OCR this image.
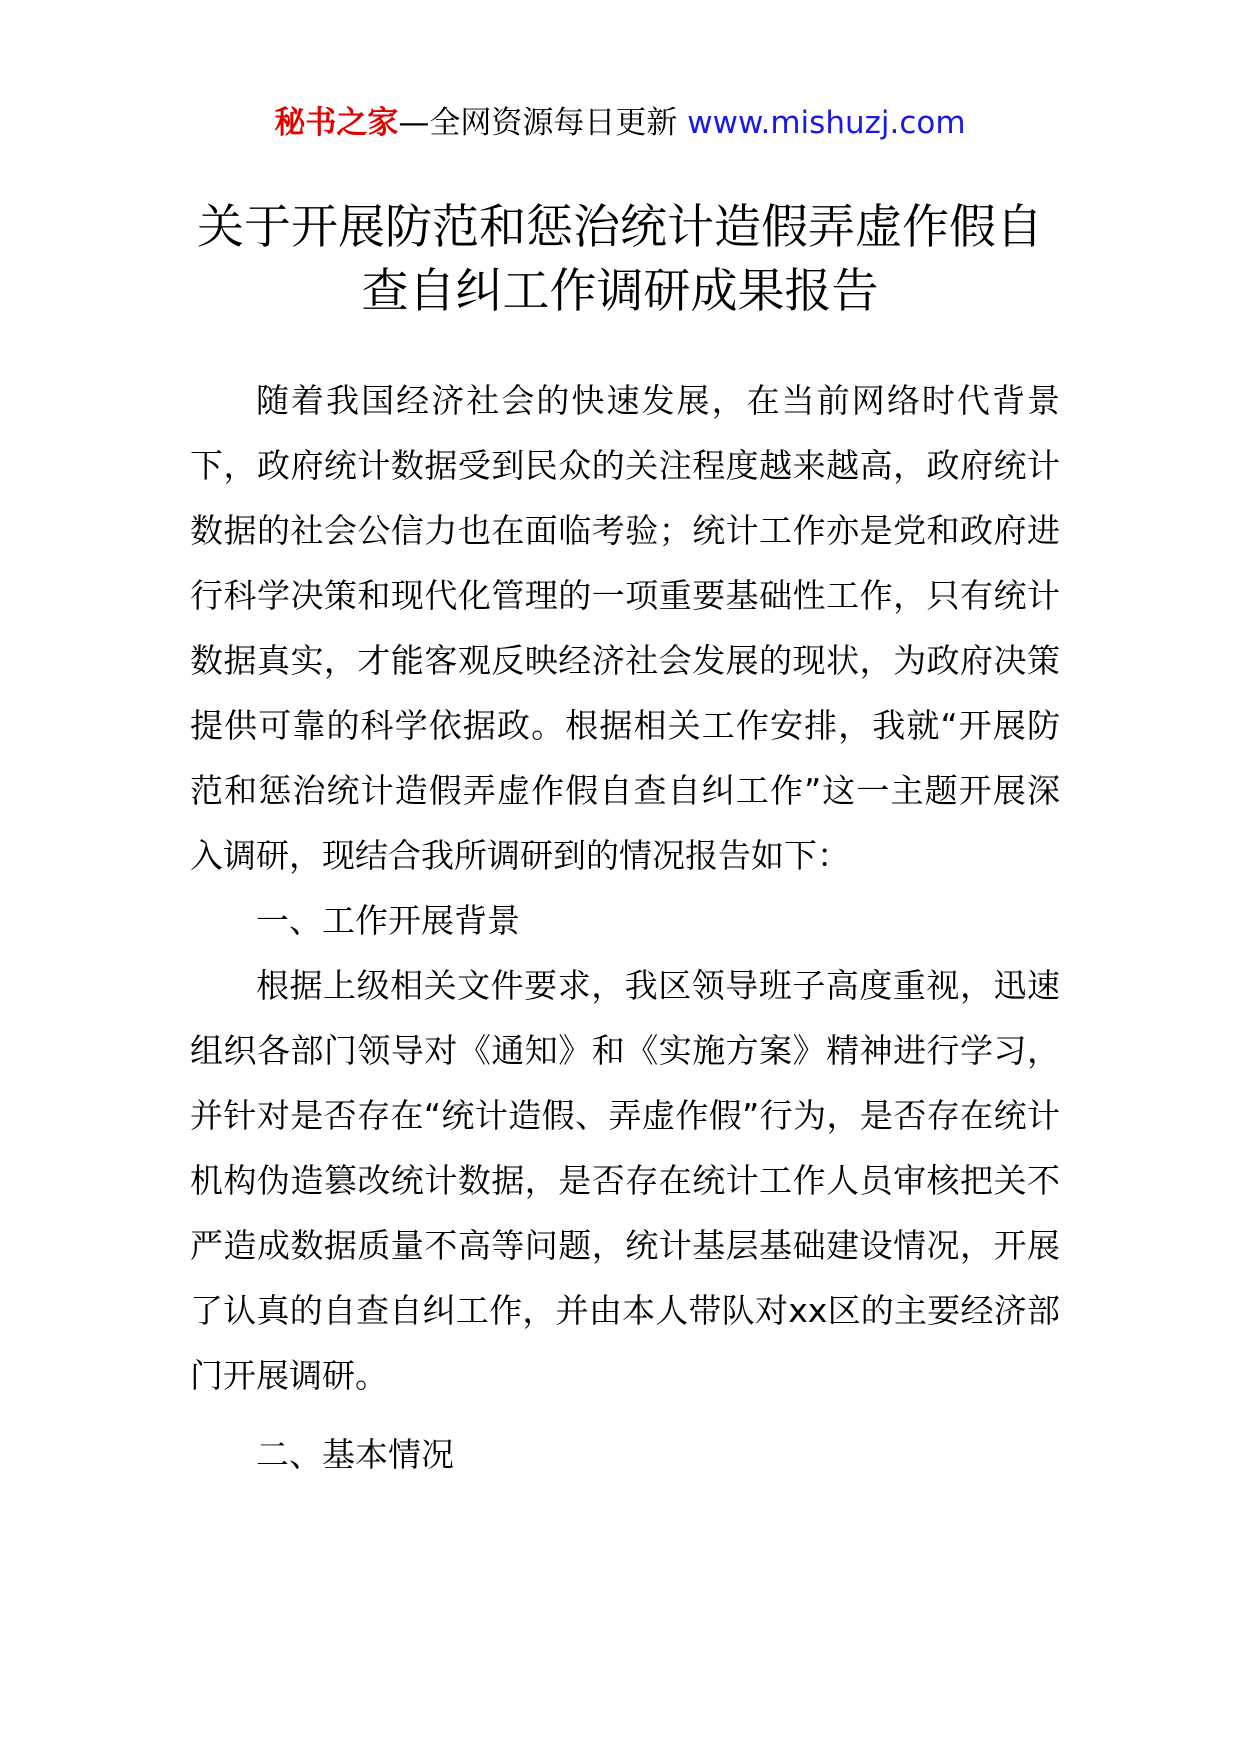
秘书之家—全网资源每日更新 www.mishuzj.com
关于开展防范和惩治统计造假弄虚作假自
查自纠工作调研成果报告

随着我国经济社会的快速发展，在当前网络时代背景下，政府统计数据受到民众的关注程度越来越高，政府统计数据的社会公信力也在面临考验；统计工作亦是党和政府进行科学决策和现代化管理的一项重要基础性工作，只有统计数据真实，才能客观反映经济社会发展的现状，为政府决策提供可靠的科学依据政。根据相关工作安排，我就“开展防范和惩治统计造假弄虚作假自查自纠工作”这一主题开展深入调研，现结合我所调研到的情况报告如下：

一、工作开展背景

根据上级相关文件要求，我区领导班子高度重视，迅速组织各部门领导对《通知》和《实施方案》精神进行学习，并针对是否存在“统计造假、弄虚作假”行为，是否存在统计机构伪造篡改统计数据，是否存在统计工作人员审核把关不严造成数据质量不高等问题，统计基层基础建设情况，开展了认真的自查自纠工作，并由本人带队对xx区的主要经济部门开展调研。

二、基本情况
